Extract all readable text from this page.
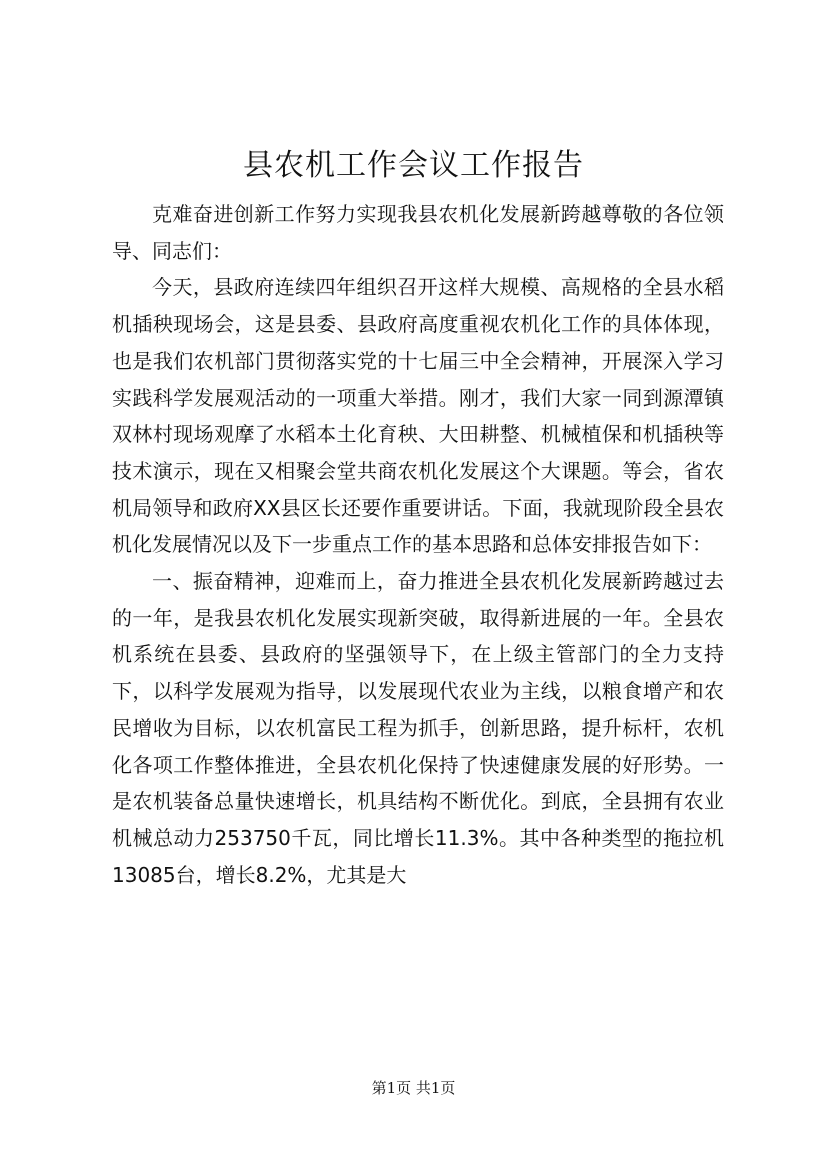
县农机工作会议工作报告

克难奋进创新工作努力实现我县农机化发展新跨越尊敬的各位领导、同志们：

今天，县政府连续四年组织召开这样大规模、高规格的全县水稻机插秧现场会，这是县委、县政府高度重视农机化工作的具体体现，也是我们农机部门贯彻落实党的十七届三中全会精神，开展深入学习实践科学发展观活动的一项重大举措。刚才，我们大家一同到源潭镇双林村现场观摩了水稻本土化育秧、大田耕整、机械植保和机插秧等技术演示，现在又相聚会堂共商农机化发展这个大课题。等会，省农机局领导和政府XX县区长还要作重要讲话。下面，我就现阶段全县农机化发展情况以及下一步重点工作的基本思路和总体安排报告如下：

一、振奋精神，迎难而上，奋力推进全县农机化发展新跨越过去的一年，是我县农机化发展实现新突破，取得新进展的一年。全县农机系统在县委、县政府的坚强领导下，在上级主管部门的全力支持下，以科学发展观为指导，以发展现代农业为主线，以粮食增产和农民增收为目标，以农机富民工程为抓手，创新思路，提升标杆，农机化各项工作整体推进，全县农机化保持了快速健康发展的好形势。一是农机装备总量快速增长，机具结构不断优化。到底，全县拥有农业机械总动力253750千瓦，同比增长11.3%。其中各种类型的拖拉机13085台，增长8.2%，尤其是大

第1页 共1页
